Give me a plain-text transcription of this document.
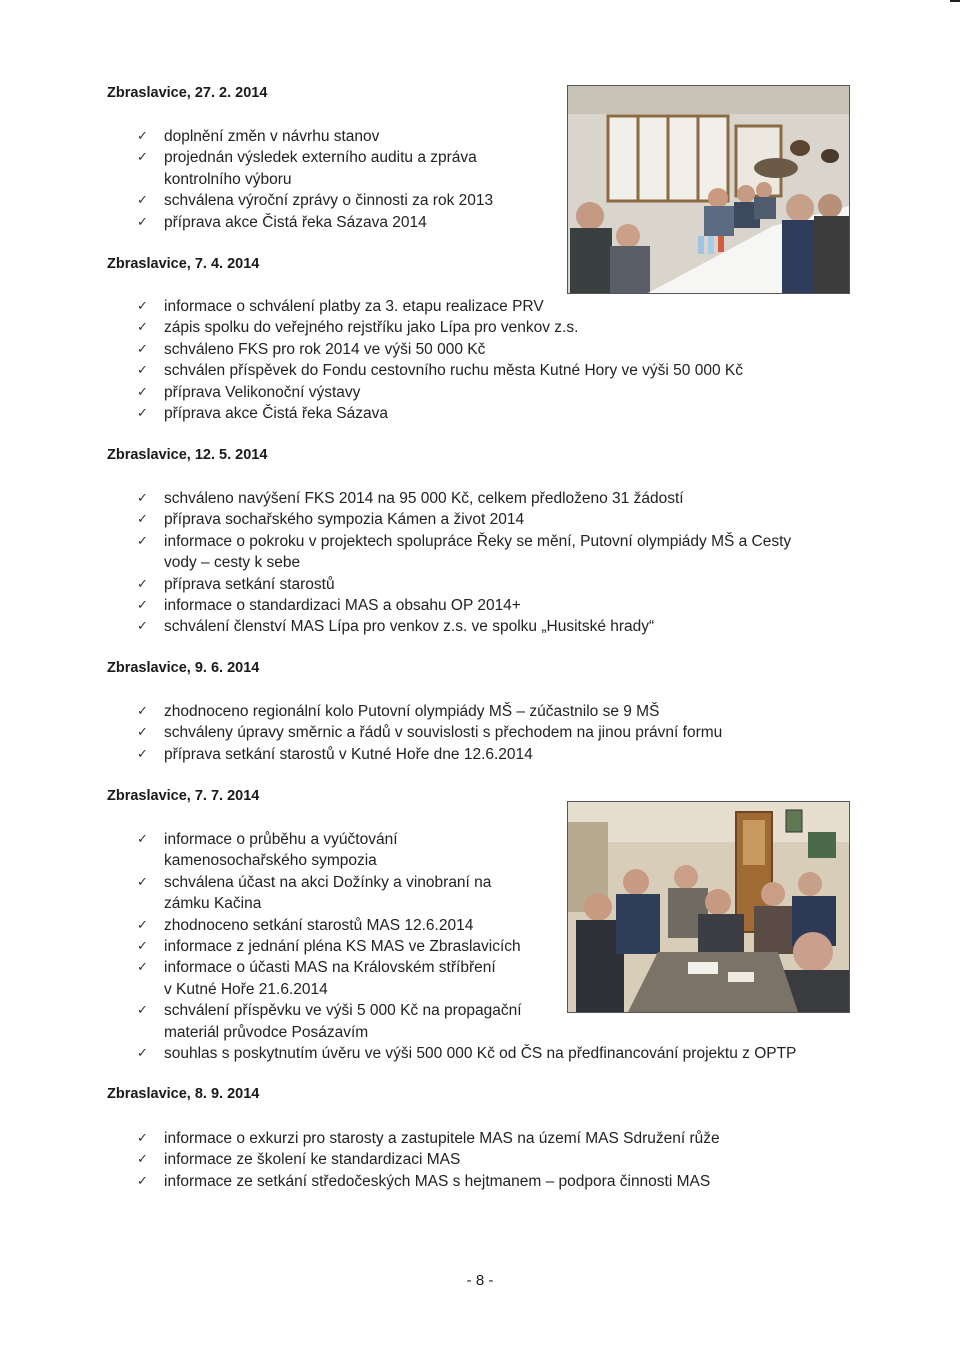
Zbraslavice, 27. 2. 2014
✓ doplnění změn v návrhu stanov
✓ projednán výsledek externího auditu a zpráva
kontrolního výboru
✓ schválena výroční zprávy o činnosti za rok 2013
✓ příprava akce Čistá řeka Sázava 2014
Zbraslavice, 7. 4. 2014
✓ informace o schválení platby za 3. etapu realizace PRV
✓ zápis spolku do veřejného rejstříku jako Lípa pro venkov z.s.
✓ schváleno FKS pro rok 2014 ve výši 50 000 Kč
✓ schválen příspěvek do Fondu cestovního ruchu města Kutné Hory ve výši 50 000 Kč
✓ příprava Velikonoční výstavy
✓ příprava akce Čistá řeka Sázava
Zbraslavice, 12. 5. 2014
✓ schváleno navýšení FKS 2014 na 95 000 Kč, celkem předloženo 31 žádostí
✓ příprava sochařského sympozia Kámen a život 2014
✓ informace o pokroku v projektech spolupráce Řeky se mění, Putovní olympiády MŠ a Cesty
vody – cesty k sebe
✓ příprava setkání starostů
✓ informace o standardizaci MAS a obsahu OP 2014+
✓ schválení členství MAS Lípa pro venkov z.s. ve spolku „Husitské hrady“
Zbraslavice, 9. 6. 2014
✓ zhodnoceno regionální kolo Putovní olympiády MŠ – zúčastnilo se 9 MŠ
✓ schváleny úpravy směrnic a řádů v souvislosti s přechodem na jinou právní formu
✓ příprava setkání starostů v Kutné Hoře dne 12.6.2014
Zbraslavice, 7. 7. 2014
✓ informace o průběhu a vyúčtování
kamenosochařského sympozia
✓ schválena účast na akci Dožínky a vinobraní na
zámku Kačina
✓ zhodnoceno setkání starostů MAS 12.6.2014
✓ informace z jednání pléna KS MAS ve Zbraslavicích
✓ informace o účasti MAS na Královském stříbření
v Kutné Hoře 21.6.2014
✓ schválení příspěvku ve výši 5 000 Kč na propagační
materiál průvodce Posázavím
✓ souhlas s poskytnutím úvěru ve výši 500 000 Kč od ČS na předfinancování projektu z OPTP
Zbraslavice, 8. 9. 2014
✓ informace o exkurzi pro starosty a zastupitele MAS na území MAS Sdružení růže
✓ informace ze školení ke standardizaci MAS
✓ informace ze setkání středočeských MAS s hejtmanem – podpora činnosti MAS
- 8 -
